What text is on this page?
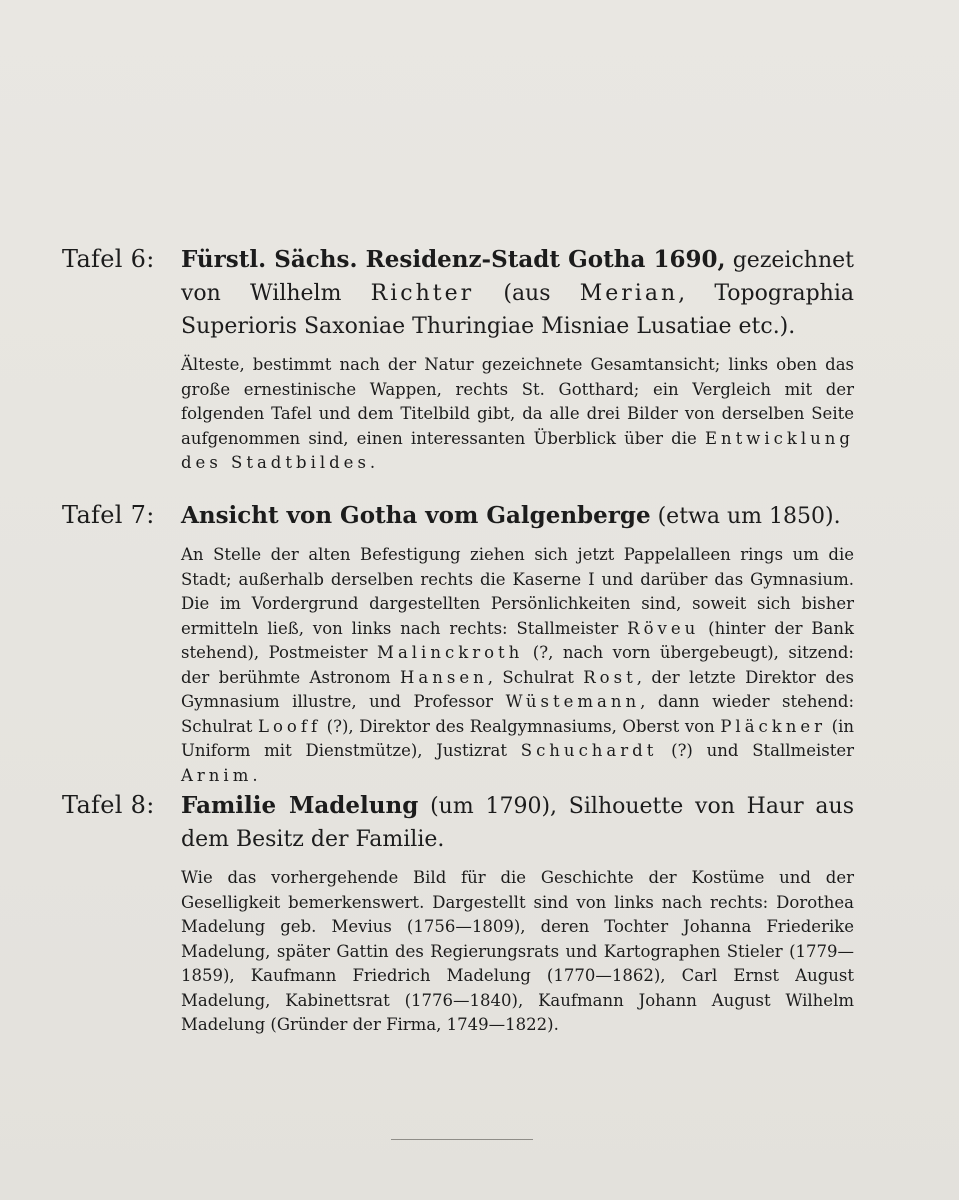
Tafel 6:	Fürstl. Sächs. Residenz-Stadt Gotha 1690, gezeichnet von Wilhelm Richter (aus Merian, Topographia Superioris Saxoniae Thuringiae Misniae Lusatiae etc.).
Älteste, bestimmt nach der Natur gezeichnete Gesamtansicht; links oben das große ernestinische Wappen, rechts St. Gotthard; ein Vergleich mit der folgenden Tafel und dem Titelbild gibt, da alle drei Bilder von derselben Seite aufgenommen sind, einen interessanten Überblick über die Entwicklung des Stadtbildes.
Tafel 7:	Ansicht von Gotha vom Galgenberge (etwa um 1850).
An Stelle der alten Befestigung ziehen sich jetzt Pappelalleen rings um die Stadt; außerhalb derselben rechts die Kaserne I und darüber das Gymnasium. Die im Vordergrund dargestellten Persönlichkeiten sind, soweit sich bisher ermitteln ließ, von links nach rechts: Stallmeister Röveu (hinter der Bank stehend), Postmeister Malinckroth (?, nach vorn übergebeugt), sitzend: der berühmte Astronom Hansen, Schulrat Rost, der letzte Direktor des Gymnasium illustre, und Professor Wüstemann, dann wieder stehend: Schulrat Looff (?), Direktor des Realgymnasiums, Oberst von Pläckner (in Uniform mit Dienstmütze), Justizrat Schuchardt (?) und Stallmeister Arnim.
Tafel 8:	Familie Madelung (um 1790), Silhouette von Haur aus dem Besitz der Familie.
Wie das vorhergehende Bild für die Geschichte der Kostüme und der Geselligkeit bemerkenswert. Dargestellt sind von links nach rechts: Dorothea Madelung geb. Mevius (1756—1809), deren Tochter Johanna Friederike Madelung, später Gattin des Regierungsrats und Kartographen Stieler (1779—1859), Kaufmann Friedrich Madelung (1770—1862), Carl Ernst August Madelung, Kabinettsrat (1776—1840), Kaufmann Johann August Wilhelm Madelung (Gründer der Firma, 1749—1822).
